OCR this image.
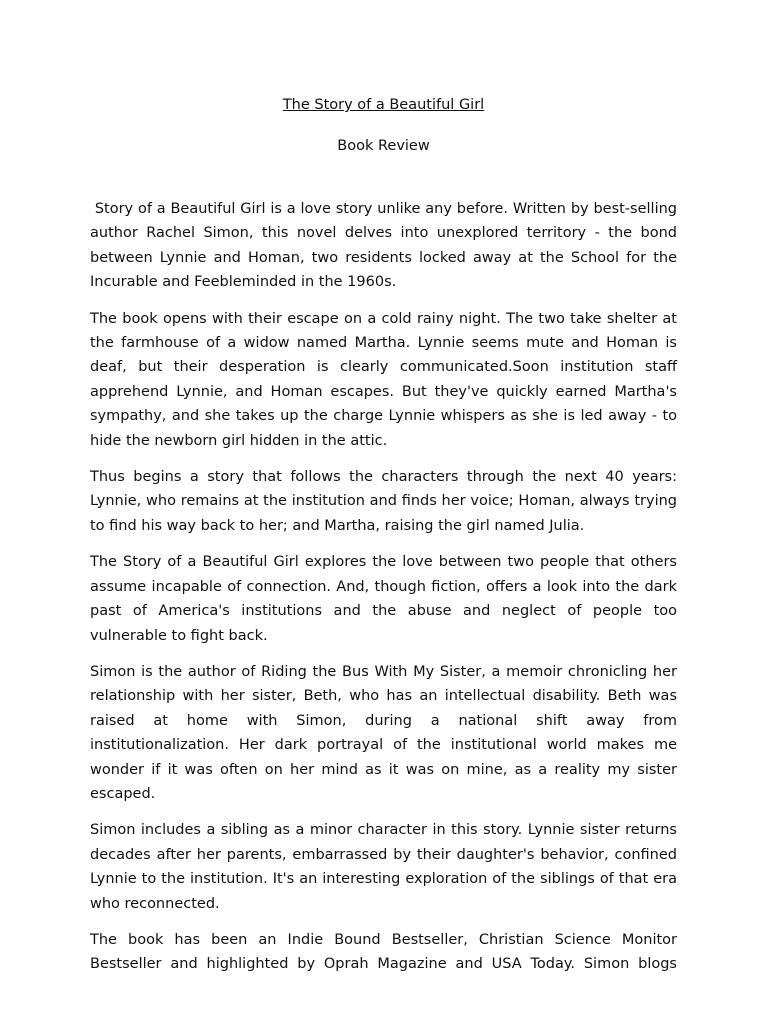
The Story of a Beautiful Girl
Book Review

Story of a Beautiful Girl is a love story unlike any before. Written by best-selling author Rachel Simon, this novel delves into unexplored territory - the bond between Lynnie and Homan, two residents locked away at the School for the Incurable and Feebleminded in the 1960s.

The book opens with their escape on a cold rainy night. The two take shelter at the farmhouse of a widow named Martha. Lynnie seems mute and Homan is deaf, but their desperation is clearly communicated.Soon institution staff apprehend Lynnie, and Homan escapes. But they've quickly earned Martha's sympathy, and she takes up the charge Lynnie whispers as she is led away - to hide the newborn girl hidden in the attic.

Thus begins a story that follows the characters through the next 40 years: Lynnie, who remains at the institution and finds her voice; Homan, always trying to find his way back to her; and Martha, raising the girl named Julia.

The Story of a Beautiful Girl explores the love between two people that others assume incapable of connection. And, though fiction, offers a look into the dark past of America's institutions and the abuse and neglect of people too vulnerable to fight back.

Simon is the author of Riding the Bus With My Sister, a memoir chronicling her relationship with her sister, Beth, who has an intellectual disability. Beth was raised at home with Simon, during a national shift away from institutionalization. Her dark portrayal of the institutional world makes me wonder if it was often on her mind as it was on mine, as a reality my sister escaped.

Simon includes a sibling as a minor character in this story. Lynnie sister returns decades after her parents, embarrassed by their daughter's behavior, confined Lynnie to the institution. It's an interesting exploration of the siblings of that era who reconnected.

The book has been an Indie Bound Bestseller, Christian Science Monitor Bestseller and highlighted by Oprah Magazine and USA Today. Simon blogs
